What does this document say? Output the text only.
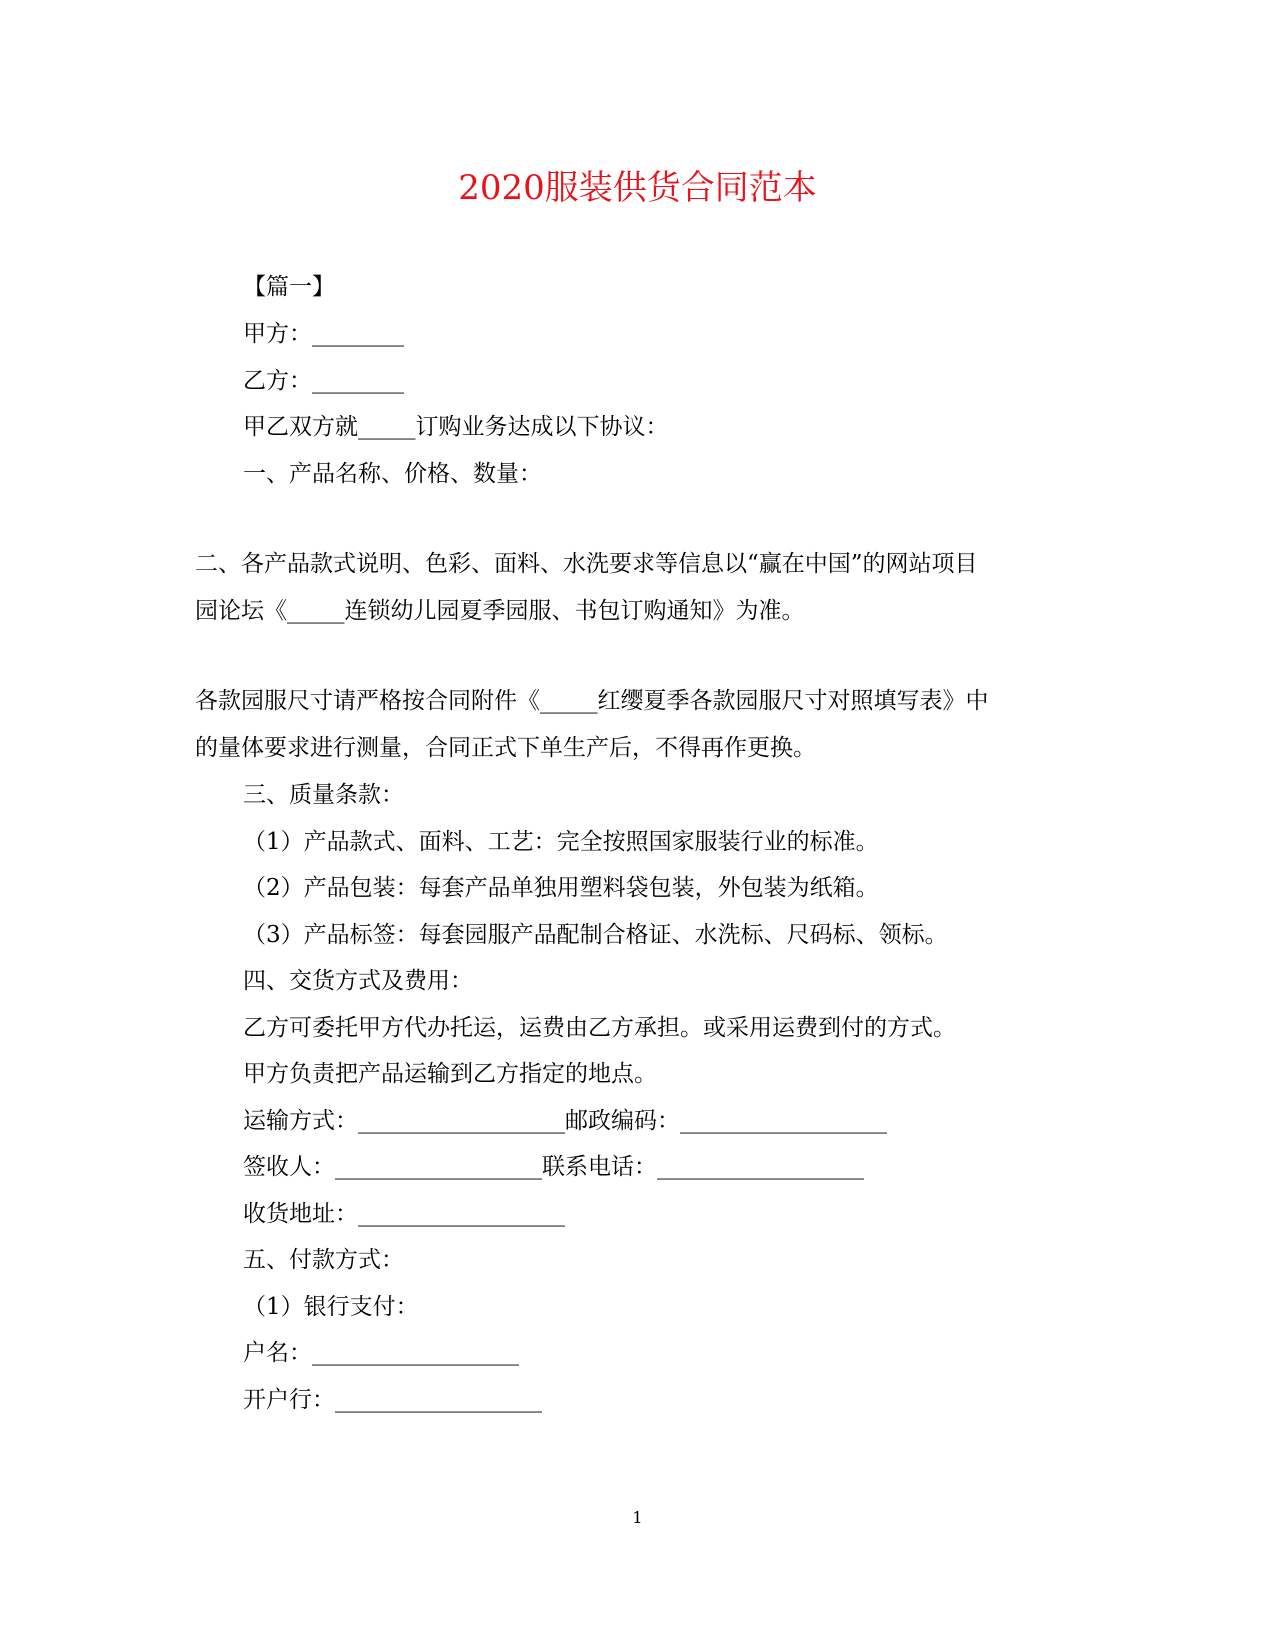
2020服装供货合同范本
【篇一】
甲方：________
乙方：________
甲乙双方就_____订购业务达成以下协议：
一、产品名称、价格、数量：
二、各产品款式说明、色彩、面料、水洗要求等信息以“赢在中国”的网站项目
园论坛《_____连锁幼儿园夏季园服、书包订购通知》为准。
各款园服尺寸请严格按合同附件《_____红缨夏季各款园服尺寸对照填写表》中
的量体要求进行测量，合同正式下单生产后，不得再作更换。
三、质量条款：
（1）产品款式、面料、工艺：完全按照国家服装行业的标准。
（2）产品包装：每套产品单独用塑料袋包装，外包装为纸箱。
（3）产品标签：每套园服产品配制合格证、水洗标、尺码标、领标。
四、交货方式及费用：
乙方可委托甲方代办托运，运费由乙方承担。或采用运费到付的方式。
甲方负责把产品运输到乙方指定的地点。
运输方式：__________________邮政编码：__________________
签收人：__________________联系电话：__________________
收货地址：__________________
五、付款方式：
（1）银行支付：
户名：__________________
开户行：__________________
1
